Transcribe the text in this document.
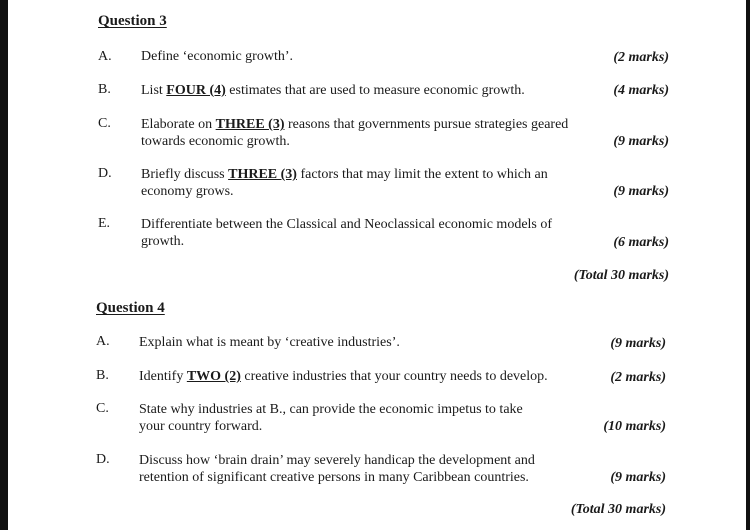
Question 3
A. Define ‘economic growth’.	(2 marks)
B. List FOUR (4) estimates that are used to measure economic growth.	(4 marks)
C. Elaborate on THREE (3) reasons that governments pursue strategies geared
towards economic growth.	(9 marks)
D. Briefly discuss THREE (3) factors that may limit the extent to which an
economy grows.	(9 marks)
E. Differentiate between the Classical and Neoclassical economic models of
growth.	(6 marks)
(Total 30 marks)
Question 4
A. Explain what is meant by ‘creative industries’.	(9 marks)
B. Identify TWO (2) creative industries that your country needs to develop.	(2 marks)
C. State why industries at B., can provide the economic impetus to take
your country forward.	(10 marks)
D. Discuss how ‘brain drain’ may severely handicap the development and
retention of significant creative persons in many Caribbean countries.	(9 marks)
(Total 30 marks)
